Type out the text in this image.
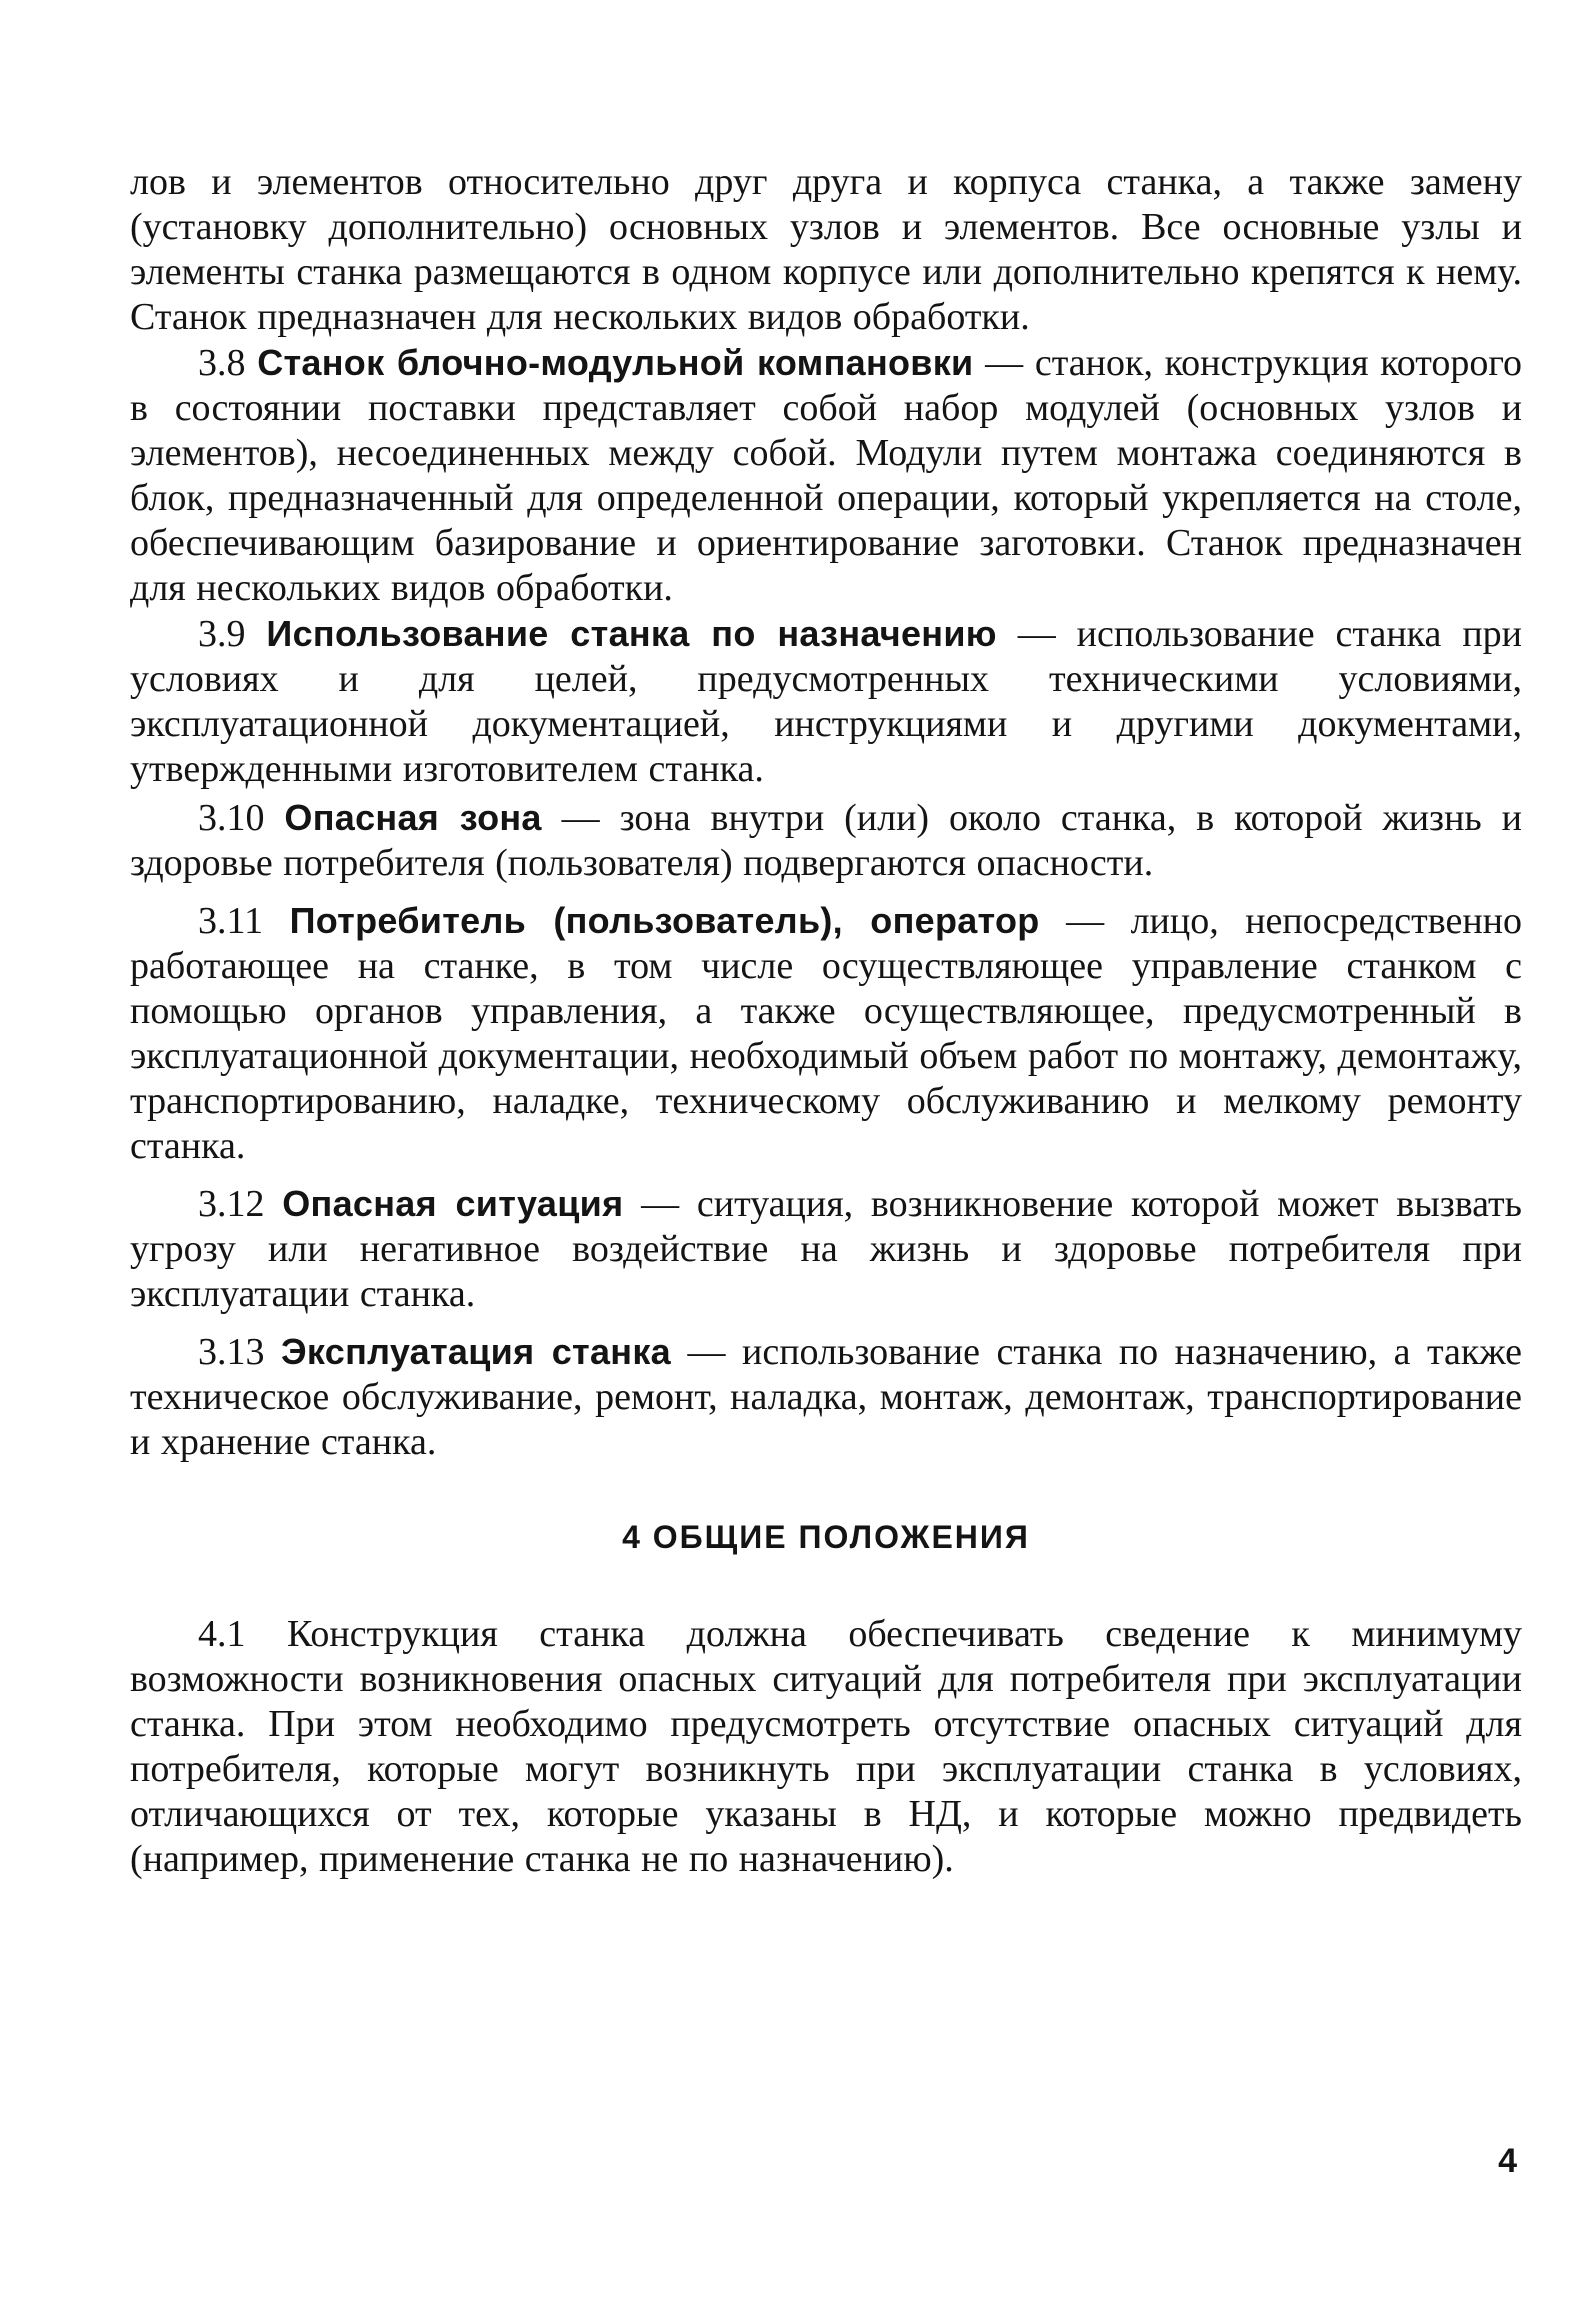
лов и элементов относительно друг друга и корпуса станка, а также замену (установку дополнительно) основных узлов и элементов. Все основные узлы и элементы станка размещаются в одном корпусе или дополнительно крепятся к нему. Станок предназначен для нескольких видов обработки.

3.8 Станок блочно-модульной компановки — станок, конструкция которого в состоянии поставки представляет собой набор модулей (основных узлов и элементов), несоединенных между собой. Модули путем монтажа соединяются в блок, предназначенный для определенной операции, который укрепляется на столе, обеспечивающим базирование и ориентирование заготовки. Станок предназначен для нескольких видов обработки.

3.9 Использование станка по назначению — использование станка при условиях и для целей, предусмотренных техническими условиями, эксплуатационной документацией, инструкциями и другими документами, утвержденными изготовителем станка.

3.10 Опасная зона — зона внутри (или) около станка, в которой жизнь и здоровье потребителя (пользователя) подвергаются опасности.

3.11 Потребитель (пользователь), оператор — лицо, непосредственно работающее на станке, в том числе осуществляющее управление станком с помощью органов управления, а также осуществляющее, предусмотренный в эксплуатационной документации, необходимый объем работ по монтажу, демонтажу, транспортированию, наладке, техническому обслуживанию и мелкому ремонту станка.

3.12 Опасная ситуация — ситуация, возникновение которой может вызвать угрозу или негативное воздействие на жизнь и здоровье потребителя при эксплуатации станка.

3.13 Эксплуатация станка — использование станка по назначению, а также техническое обслуживание, ремонт, наладка, монтаж, демонтаж, транспортирование и хранение станка.

4 ОБЩИЕ ПОЛОЖЕНИЯ

4.1 Конструкция станка должна обеспечивать сведение к минимуму возможности возникновения опасных ситуаций для потребителя при эксплуатации станка. При этом необходимо предусмотреть отсутствие опасных ситуаций для потребителя, которые могут возникнуть при эксплуатации станка в условиях, отличающихся от тех, которые указаны в НД, и которые можно предвидеть (например, применение станка не по назначению).

4
